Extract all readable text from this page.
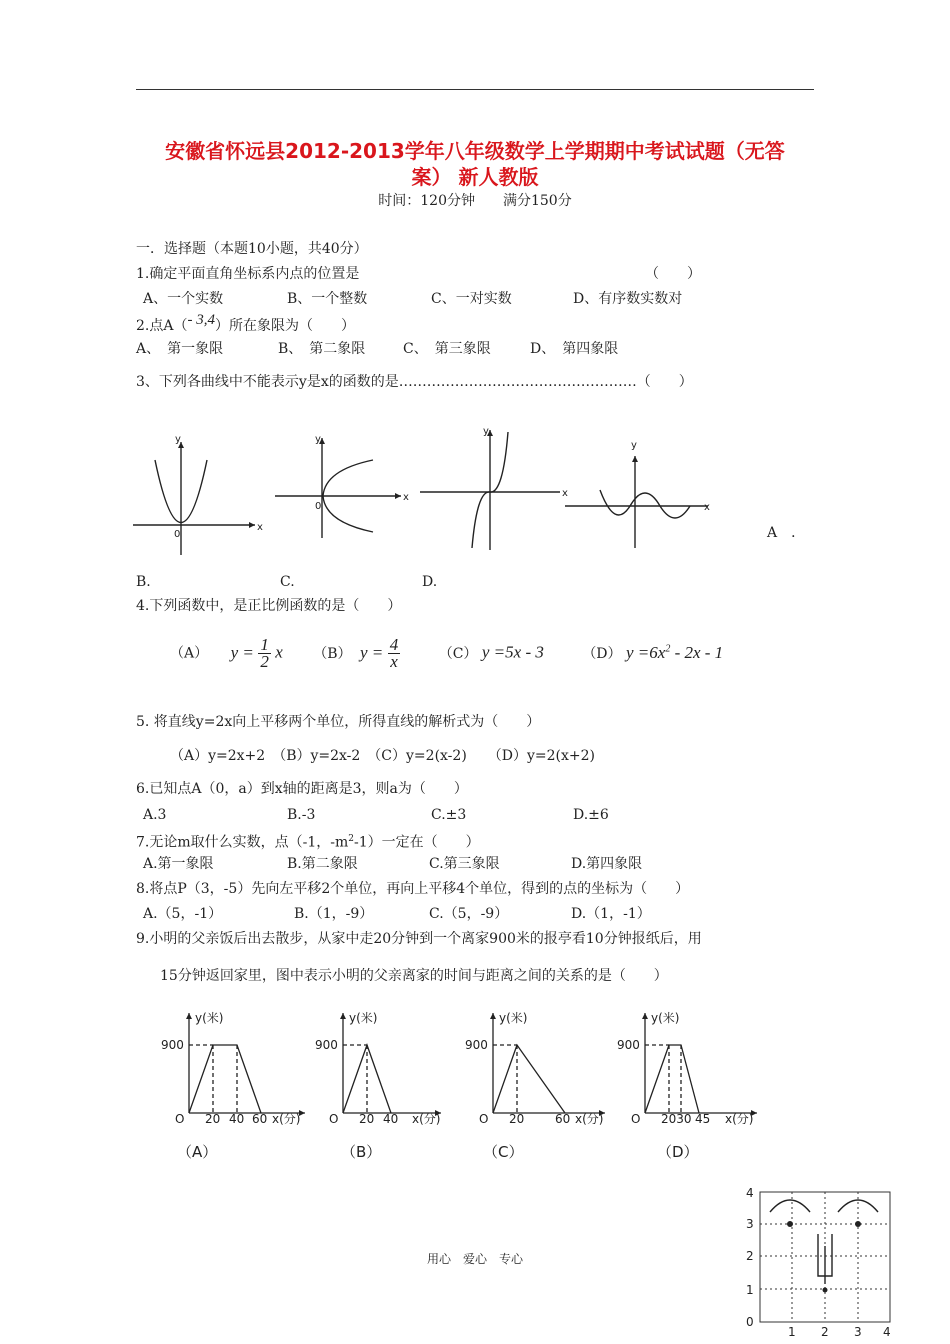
安徽省怀远县2012-2013学年八年级数学上学期期中考试试题（无答
案） 新人教版
时间：120分钟　　满分150分
一．选择题（本题10小题，共40分）
1.确定平面直角坐标系内点的位置是	（　　）
A、一个实数	B、一个整数	C、一对实数	D、有序数实数对
2.点A（- 3,4）所在象限为（　　）
A、　第一象限	B、　第二象限	C、　第三象限	D、　第四象限
3、下列各曲线中不能表示y是x的函数的是……………………………………………（　　）
x
y
0
y
0
x
y
x
y
x
A　．
B.	C.	D.
4.下列函数中，是正比例函数的是（　　）
（A） $y = \frac{1}{2}$ x （B） $y = \frac{4}{x}$	（C） y =5x - 3	（D） $y =6x^2 - 2x - 1$
5. 将直线y=2x向上平移两个单位，所得直线的解析式为（　　）
（A）y=2x+2　（B）y=2x-2　（C）y=2(x-2)　　（D）y=2(x+2)
6.已知点A（0，a）到x轴的距离是3，则a为（　　）
A.3	B.-3	C.±3	D.±6
7.无论m取什么实数，点（-1，$-m^2-1$）一定在（　　）
A.第一象限	B.第二象限	C.第三象限	D.第四象限
8.将点P（3，-5）先向左平移2个单位，再向上平移4个单位，得到的点的坐标为（　　）
A.（5，-1）	B.（1，-9）	C.（5，-9）	D.（1，-1）
9.小明的父亲饭后出去散步，从家中走20分钟到一个离家900米的报亭看10分钟报纸后，用
15分钟返回家里，图中表示小明的父亲离家的时间与距离之间的关系的是（　　）
y(米)
900
O 20 40 60 x(分)
（A）
y(米)
900
O 20 40 x(分)
（B）
y(米)
900
O 20	60 x(分)
（C）
y(米)
900
O 2030 45 x(分)
（D）
4
3
2
1
0
1 2 3 4
用心　爱心　专心
